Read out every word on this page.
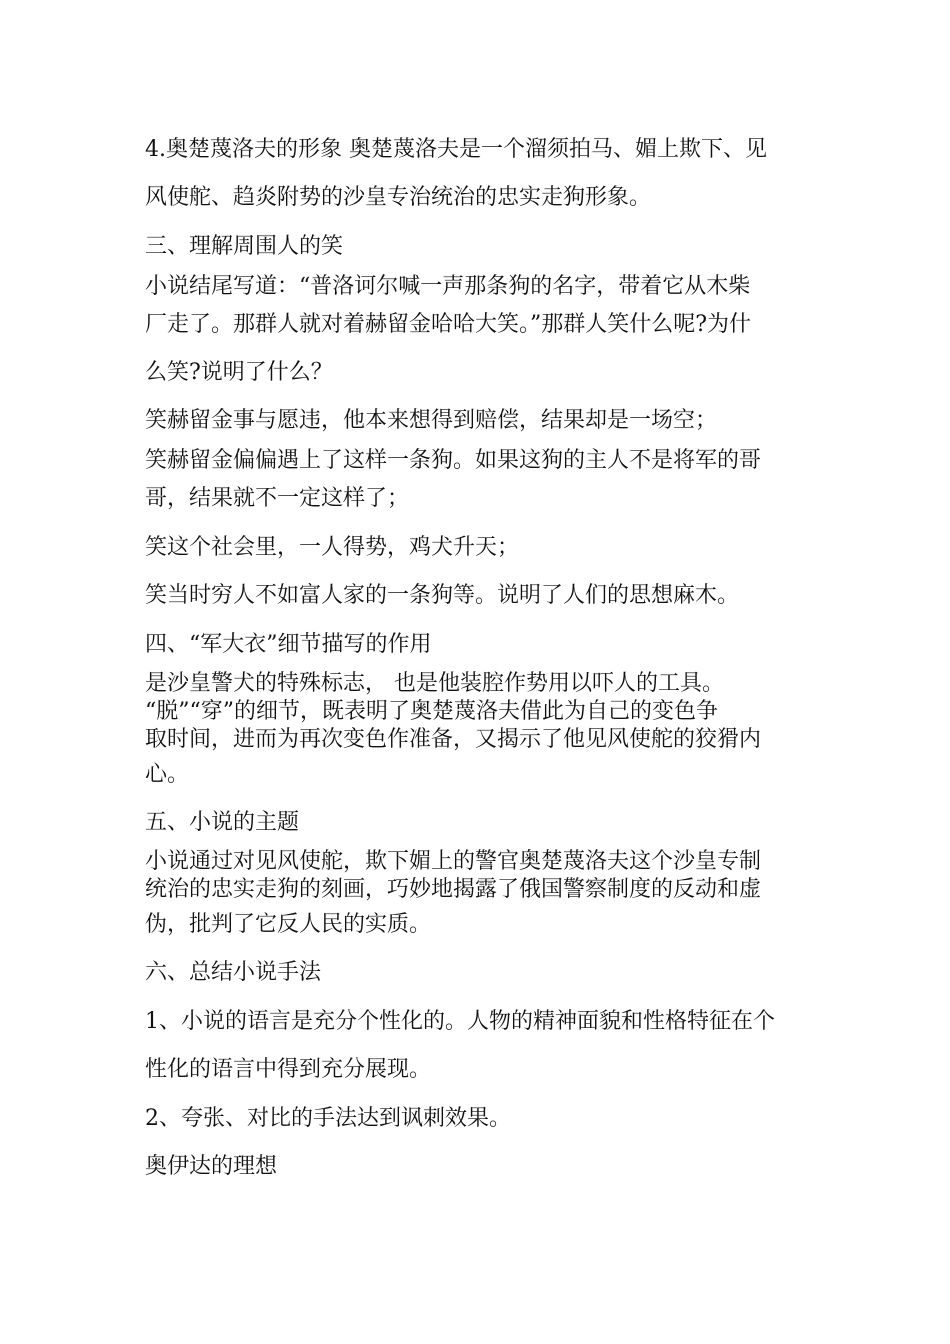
4.奥楚蔑洛夫的形象 奥楚蔑洛夫是一个溜须拍马、媚上欺下、见
风使舵、趋炎附势的沙皇专治统治的忠实走狗形象。
三、理解周围人的笑
小说结尾写道：“普洛诃尔喊一声那条狗的名字，带着它从木柴
厂走了。那群人就对着赫留金哈哈大笑。”那群人笑什么呢?为什
么笑?说明了什么？
笑赫留金事与愿违，他本来想得到赔偿，结果却是一场空；
笑赫留金偏偏遇上了这样一条狗。如果这狗的主人不是将军的哥
哥，结果就不一定这样了；
笑这个社会里，一人得势，鸡犬升天；
笑当时穷人不如富人家的一条狗等。说明了人们的思想麻木。
四、“军大衣”细节描写的作用
是沙皇警犬的特殊标志， 也是他装腔作势用以吓人的工具。
“脱”“穿”的细节，既表明了奥楚蔑洛夫借此为自己的变色争
取时间，进而为再次变色作准备，又揭示了他见风使舵的狡猾内
心。
五、小说的主题
小说通过对见风使舵，欺下媚上的警官奥楚蔑洛夫这个沙皇专制
统治的忠实走狗的刻画，巧妙地揭露了俄国警察制度的反动和虚
伪，批判了它反人民的实质。
六、总结小说手法
1、小说的语言是充分个性化的。人物的精神面貌和性格特征在个
性化的语言中得到充分展现。
2、夸张、对比的手法达到讽刺效果。
奥伊达的理想
